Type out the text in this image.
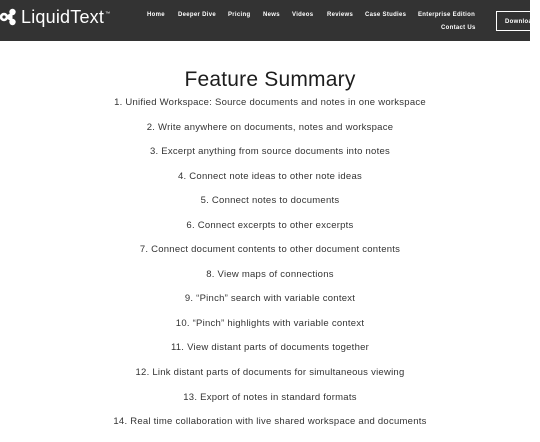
LiquidText ™	Home Deeper Dive Pricing News Videos Reviews Case Studies Enterprise Edition
Contact Us
Download
Feature Summary
1. Unified Workspace: Source documents and notes in one workspace
2. Write anywhere on documents, notes and workspace
3. Excerpt anything from source documents into notes
4. Connect note ideas to other note ideas
5. Connect notes to documents
6. Connect excerpts to other excerpts
7. Connect document contents to other document contents
8. View maps of connections
9. “Pinch” search with variable context
10. “Pinch” highlights with variable context
11. View distant parts of documents together
12. Link distant parts of documents for simultaneous viewing
13. Export of notes in standard formats
14. Real time collaboration with live shared workspace and documents
